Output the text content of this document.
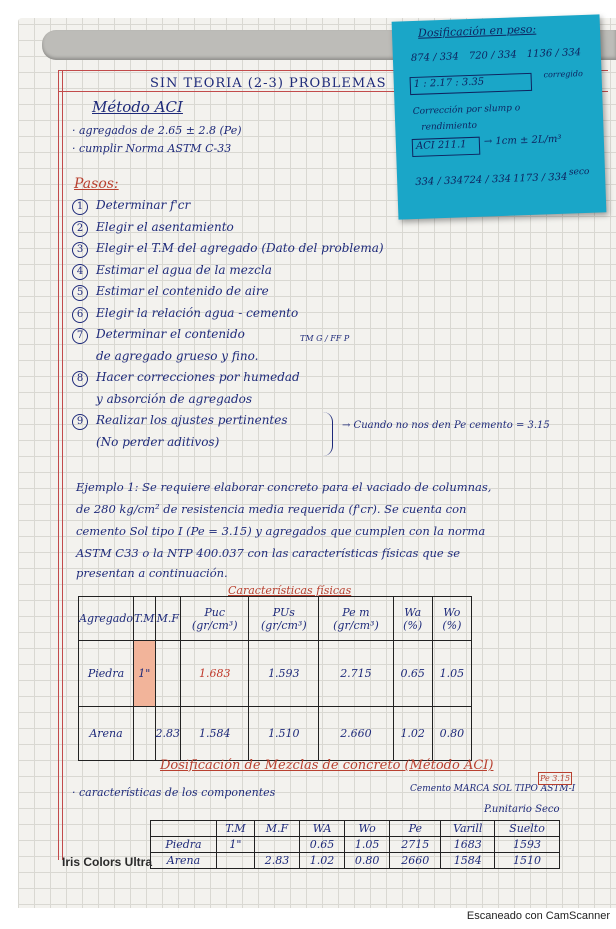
SIN TEORIA (2-3) PROBLEMAS
Método ACI
· agregados de 2.65 ± 2.8 (Pe)
· cumplir Norma ASTM C-33
Pasos:
1 Determinar f'cr
2 Elegir el asentamiento
3 Elegir el T.M del agregado (Dato del problema)
4 Estimar el agua de la mezcla
5 Estimar el contenido de aire
6 Elegir la relación agua - cemento
7 Determinar el contenido
de agregado grueso y fino.
8 Hacer correcciones por humedad
y absorción de agregados
9 Realizar los ajustes pertinentes
(No perder aditivos)
TM G / FF P
→ Cuando no nos den Pe cemento = 3.15
Ejemplo 1: Se requiere elaborar concreto para el vaciado de columnas,
de 280 kg/cm² de resistencia media requerida (f'cr). Se cuenta con
cemento Sol tipo I (Pe = 3.15) y agregados que cumplen con la norma
ASTM C33 o la NTP 400.037 con las características físicas que se
presentan a continuación.
Características físicas
Agregado	T.M	M.F	Puc (gr/cm³)	PUs (gr/cm³)	Pe m (gr/cm³)	Wa (%)	Wo (%)
Piedra	1"		1.683	1.593	2.715	0.65	1.05
Arena		2.83	1.584	1.510	2.660	1.02	0.80
Dosificación de Mezclas de concreto (Método ACI)
· características de los componentes	Cemento MARCA SOL TIPO ASTM-I
Pe 3.15
P.unitario Seco
	T.M	M.F	WA	Wo	Pe	Varill	Suelto
Piedra	1"		0.65	1.05	2715	1683	1593
Arena		2.83	1.02	0.80	2660	1584	1510
Dosificación en peso:
874 / 334 720 / 334 1136 / 334
1 : 2.17 : 3.35
corregido
Corrección por slump o
rendimiento
ACI 211.1 → 1cm ± 2L/m³
334 / 334 724 / 334 1173 / 334 seco
Iris Colors Ultra
Escaneado con CamScanner
